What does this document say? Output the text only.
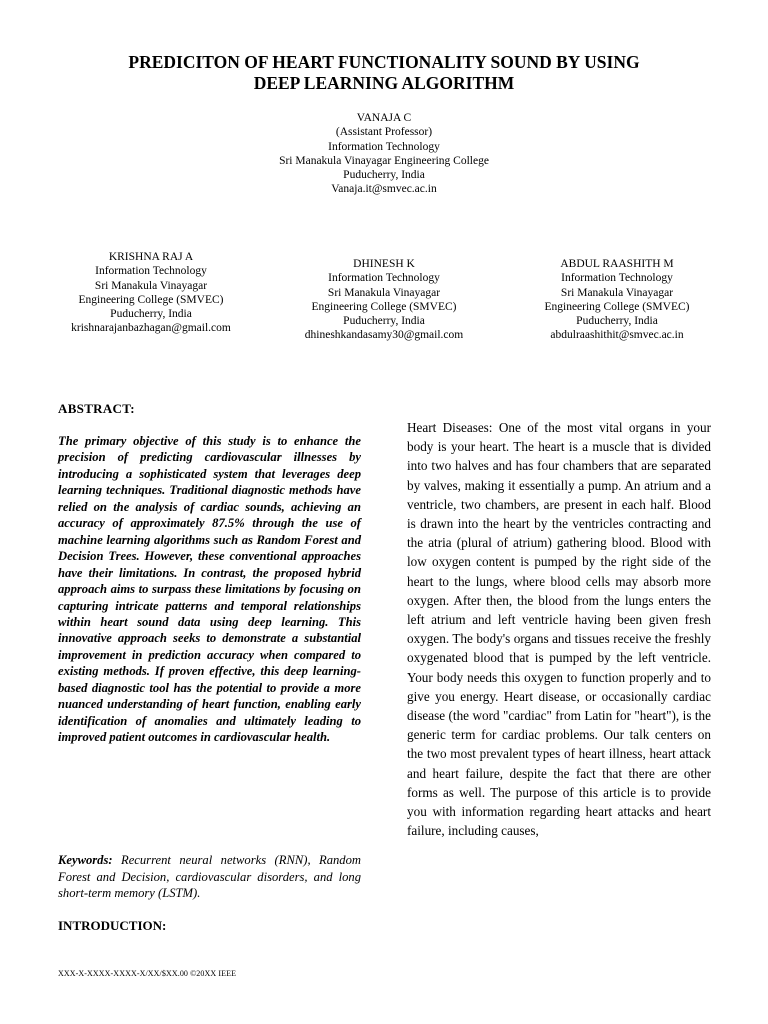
PREDICITON OF HEART FUNCTIONALITY SOUND BY USING
DEEP LEARNING ALGORITHM
VANAJA C
(Assistant Professor)
Information Technology
Sri Manakula Vinayagar Engineering College
Puducherry, India
Vanaja.it@smvec.ac.in
KRISHNA RAJ A
Information Technology
Sri Manakula Vinayagar
Engineering College (SMVEC)
Puducherry, India
krishnarajanbazhagan@gmail.com
DHINESH K
Information Technology
Sri Manakula Vinayagar
Engineering College (SMVEC)
Puducherry, India
dhineshkandasamy30@gmail.com
ABDUL RAASHITH M
Information Technology
Sri Manakula Vinayagar
Engineering College (SMVEC)
Puducherry, India
abdulraashithit@smvec.ac.in
ABSTRACT:

The primary objective of this study is to enhance the precision of predicting cardiovascular illnesses by introducing a sophisticated system that leverages deep learning techniques. Traditional diagnostic methods have relied on the analysis of cardiac sounds, achieving an accuracy of approximately 87.5% through the use of machine learning algorithms such as Random Forest and Decision Trees. However, these conventional approaches have their limitations. In contrast, the proposed hybrid approach aims to surpass these limitations by focusing on capturing intricate patterns and temporal relationships within heart sound data using deep learning. This innovative approach seeks to demonstrate a substantial improvement in prediction accuracy when compared to existing methods. If proven effective, this deep learning-based diagnostic tool has the potential to provide a more nuanced understanding of heart function, enabling early identification of anomalies and ultimately leading to improved patient outcomes in cardiovascular health.

Keywords: Recurrent neural networks (RNN), Random Forest and Decision, cardiovascular disorders, and long short-term memory (LSTM).

INTRODUCTION:

Heart Diseases: One of the most vital organs in your body is your heart. The heart is a muscle that is divided into two halves and has four chambers that are separated by valves, making it essentially a pump. An atrium and a ventricle, two chambers, are present in each half. Blood is drawn into the heart by the ventricles contracting and the atria (plural of atrium) gathering blood. Blood with low oxygen content is pumped by the right side of the heart to the lungs, where blood cells may absorb more oxygen. After then, the blood from the lungs enters the left atrium and left ventricle having been given fresh oxygen. The body's organs and tissues receive the freshly oxygenated blood that is pumped by the left ventricle. Your body needs this oxygen to function properly and to give you energy. Heart disease, or occasionally cardiac disease (the word "cardiac" from Latin for "heart"), is the generic term for cardiac problems. Our talk centers on the two most prevalent types of heart illness, heart attack and heart failure, despite the fact that there are other forms as well. The purpose of this article is to provide you with information regarding heart attacks and heart failure, including causes,

XXX-X-XXXX-XXXX-X/XX/$XX.00 ©20XX IEEE
